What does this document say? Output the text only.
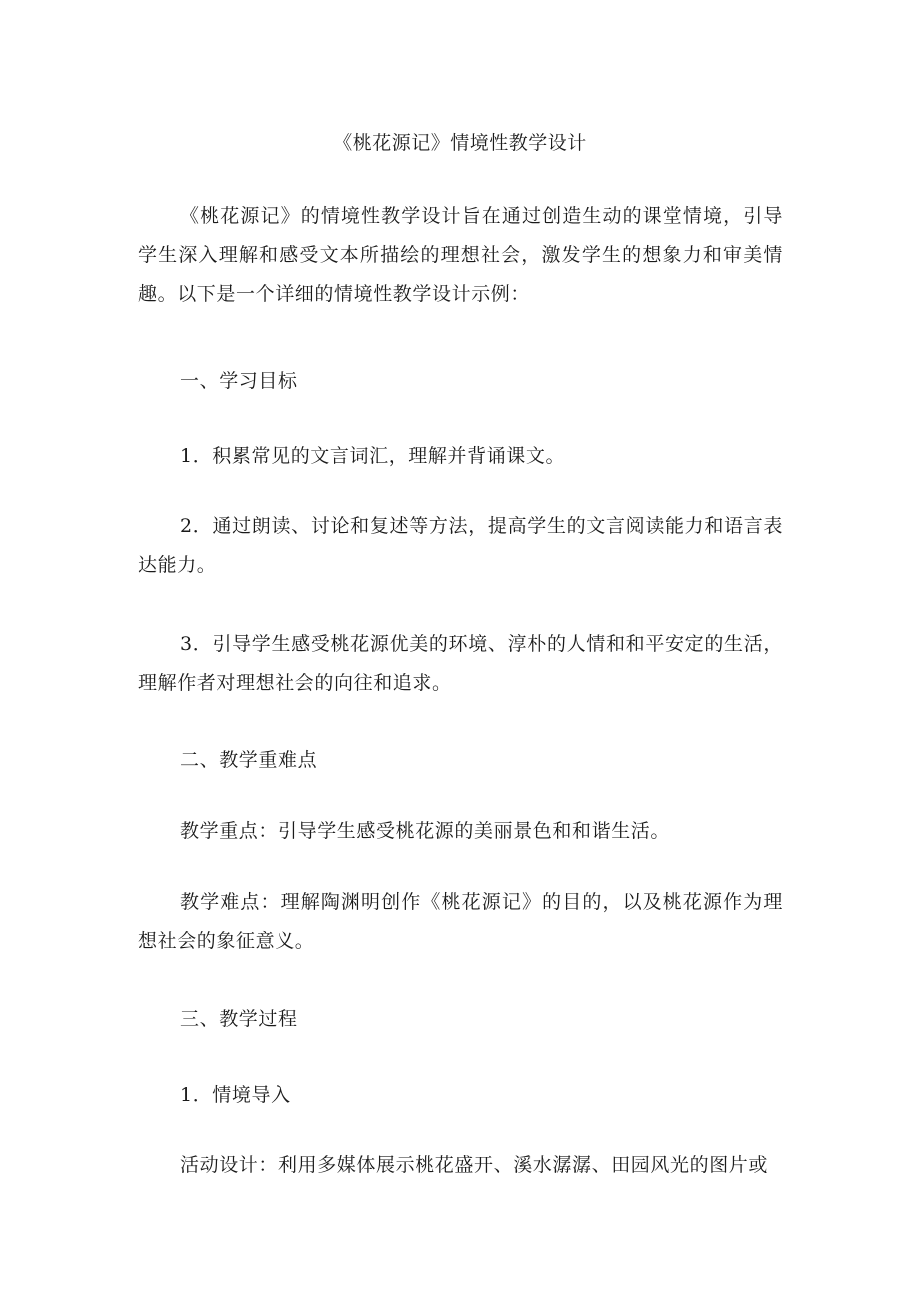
《桃花源记》情境性教学设计

《桃花源记》的情境性教学设计旨在通过创造生动的课堂情境，引导学生深入理解和感受文本所描绘的理想社会，激发学生的想象力和审美情趣。以下是一个详细的情境性教学设计示例：

一、学习目标

1．积累常见的文言词汇，理解并背诵课文。

2．通过朗读、讨论和复述等方法，提高学生的文言阅读能力和语言表达能力。

3．引导学生感受桃花源优美的环境、淳朴的人情和和平安定的生活，理解作者对理想社会的向往和追求。

二、教学重难点

教学重点：引导学生感受桃花源的美丽景色和和谐生活。

教学难点：理解陶渊明创作《桃花源记》的目的，以及桃花源作为理想社会的象征意义。

三、教学过程

1．情境导入

活动设计：利用多媒体展示桃花盛开、溪水潺潺、田园风光的图片或
